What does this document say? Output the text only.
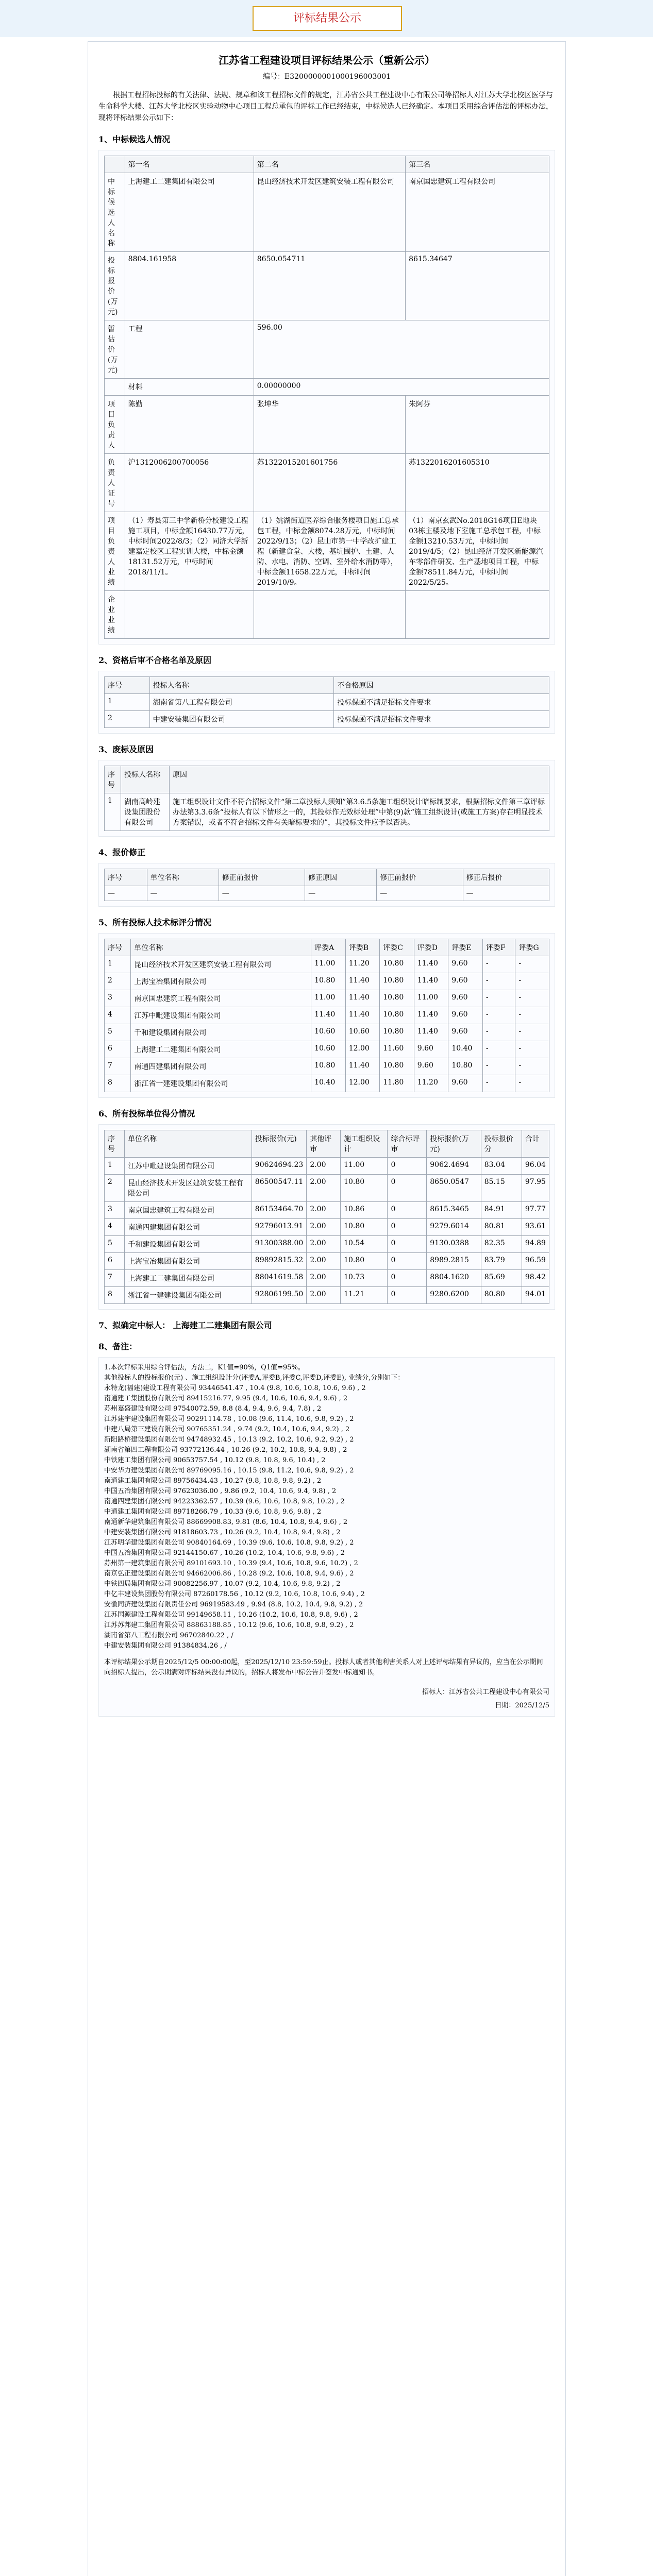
评标结果公示
江苏省工程建设项目评标结果公示（重新公示）
编号：E3200000001000196003001

根据工程招标投标的有关法律、法规、规章和该工程招标文件的规定，江苏省公共工程建设中心有限公司等招标人对江苏大学北校区医学与生命科学大楼、江苏大学北校区实验动物中心项目工程总承包的评标工作已经结束，中标候选人已经确定。本项目采用综合评估法的评标办法，现将评标结果公示如下：

1、中标候选人情况
	第一名	第二名	第三名
中标候选人名称	上海建工二建集团有限公司	昆山经济技术开发区建筑安装工程有限公司	南京国忠建筑工程有限公司
投标报价(万元)	8804.161958	8650.054711	8615.34647
暂估价(万元)	工程	596.00	
	材料	0.00000000	
项目负责人	陈勤	张坤华	朱阿芬
负责人证号	沪1312006200700056	苏1322015201601756	苏1322016201605310
项目负责人业绩	（1）寿县第三中学新桥分校建设工程施工项目，中标金额16430.77万元，中标时间2022/8/3；（2）同济大学新建嘉定校区工程实训大楼，中标金额18131.52万元，中标时间2018/11/1。	（1）姚湖街道医养综合服务楼项目施工总承包工程，中标金额8074.28万元，中标时间2022/9/13；（2）昆山市第一中学改扩建工程（新建食堂、大楼，基坑围护、土建、人防、水电、消防、空调、室外给水消防等），中标金额11658.22万元，中标时间2019/10/9。	（1）南京玄武No.2018G16项目E地块03栋主楼及地下室施工总承包工程，中标金额13210.53万元，中标时间2019/4/5；（2）昆山经济开发区新能源汽车零部件研发、生产基地项目工程，中标金额78511.84万元，中标时间2022/5/25。
企业业绩			
2、资格后审不合格名单及原因
序号	投标人名称	不合格原因
1	湖南省第八工程有限公司	投标保函不满足招标文件要求
2	中建安装集团有限公司	投标保函不满足招标文件要求
3、废标及原因
序号	投标人名称	原因
1	湖南高岭建设集团股份有限公司	施工组织设计文件不符合招标文件“第二章投标人须知”第3.6.5条施工组织设计暗标制要求，根据招标文件第三章评标办法第3.3.6条“投标人有以下情形之一的，其投标作无效标处理”中第(9)款“施工组织设计(或施工方案)存在明显技术方案错误，或者不符合招标文件有关暗标要求的”，其投标文件应予以否决。
4、报价修正
序号	单位名称	修正前报价	修正原因	修正前报价	修正后报价
—	—	—	—	—	—
5、所有投标人技术标评分情况
序号	单位名称	评委A	评委B	评委C	评委D	评委E	评委F	评委G
1	昆山经济技术开发区建筑安装工程有限公司	11.00	11.20	10.80	11.40	9.60	-	-
2	上海宝冶集团有限公司	10.80	11.40	10.80	11.40	9.60	-	-
3	南京国忠建筑工程有限公司	11.00	11.40	10.80	11.00	9.60	-	-
4	江苏中毗建设集团有限公司	11.40	11.40	10.80	11.40	9.60	-	-
5	千和建设集团有限公司	10.60	10.60	10.80	11.40	9.60	-	-
6	上海建工二建集团有限公司	10.60	12.00	11.60	9.60	10.40	-	-
7	南通四建集团有限公司	10.80	11.40	10.80	9.60	10.80	-	-
8	浙江省一建建设集团有限公司	10.40	12.00	11.80	11.20	9.60	-	-
6、所有投标单位得分情况
序号	单位名称	投标报价(元)	其他评审	施工组织设计	综合标评审	投标报价(万元)	投标报价分	合计
1	江苏中毗建设集团有限公司	90624694.23	2.00	11.00	0	9062.4694	83.04	96.04
2	昆山经济技术开发区建筑安装工程有限公司	86500547.11	2.00	10.80	0	8650.0547	85.15	97.95
3	南京国忠建筑工程有限公司	86153464.70	2.00	10.86	0	8615.3465	84.91	97.77
4	南通四建集团有限公司	92796013.91	2.00	10.80	0	9279.6014	80.81	93.61
5	千和建设集团有限公司	91300388.00	2.00	10.54	0	9130.0388	82.35	94.89
6	上海宝冶集团有限公司	89892815.32	2.00	10.80	0	8989.2815	83.79	96.59
7	上海建工二建集团有限公司	88041619.58	2.00	10.73	0	8804.1620	85.69	98.42
8	浙江省一建建设集团有限公司	92806199.50	2.00	11.21	0	9280.6200	80.80	94.01
7、拟确定中标人： 上海建工二建集团有限公司
8、备注：
1.本次评标采用综合评估法，方法二，K1值=90%，Q1值=95%。
其他投标人的投标报价(元) 、施工组织设计分(评委A,评委B,评委C,评委D,评委E), 业绩分,分别如下：
永特龙(福建)建设工程有限公司 93446541.47 , 10.4 (9.8, 10.6, 10.8, 10.6, 9.6) , 2
南通建工集团股份有限公司 89415216.77, 9.95 (9.4, 10.6, 10.6, 9.4, 9.6) , 2
苏州嘉盛建设有限公司 97540072.59, 8.8 (8.4, 9.4, 9.6, 9.4, 7.8) , 2
江苏建宇建设集团有限公司 90291114.78 , 10.08 (9.6, 11.4, 10.6, 9.8, 9.2) , 2
中建八局第三建设有限公司 90765351.24 , 9.74 (9.2, 10.4, 10.6, 9.4, 9.2) , 2
新阳路桥建设集团有限公司 94748932.45 , 10.13 (9.2, 10.2, 10.6, 9.2, 9.2) , 2
湖南省第四工程有限公司 93772136.44 , 10.26 (9.2, 10.2, 10.8, 9.4, 9.8) , 2
中铁建工集团有限公司 90653757.54 , 10.12 (9.8, 10.8, 9.6, 10.4) , 2
中安华力建设集团有限公司 89769095.16 , 10.15 (9.8, 11.2, 10.6, 9.8, 9.2) , 2
南通建工集团有限公司 89756434.43 , 10.27 (9.8, 10.8, 9.8, 9.2) , 2
中国五冶集团有限公司 97623036.00 , 9.86 (9.2, 10.4, 10.6, 9.4, 9.8) , 2
南通四建集团有限公司 94223362.57 , 10.39 (9.6, 10.6, 10.8, 9.8, 10.2) , 2
中通建工集团有限公司 89718266.79 , 10.33 (9.6, 10.8, 9.6, 9.8) , 2
南通新华建筑集团有限公司 88669908.83, 9.81 (8.6, 10.4, 10.8, 9.4, 9.6) , 2
中建安装集团有限公司 91818603.73 , 10.26 (9.2, 10.4, 10.8, 9.4, 9.8) , 2
江苏明华建设集团有限公司 90840164.69 , 10.39 (9.6, 10.6, 10.8, 9.8, 9.2) , 2
中国五冶集团有限公司 92144150.67 , 10.26 (10.2, 10.4, 10.6, 9.8, 9.6) , 2
苏州第一建筑集团有限公司 89101693.10 , 10.39 (9.4, 10.6, 10.8, 9.6, 10.2) , 2
南京弘正建设集团有限公司 94662006.86 , 10.28 (9.2, 10.6, 10.8, 9.4, 9.6) , 2
中铁四局集团有限公司 90082256.97 , 10.07 (9.2, 10.4, 10.6, 9.8, 9.2) , 2
中亿丰建设集团股份有限公司 87260178.56 , 10.12 (9.2, 10.6, 10.8, 10.6, 9.4) , 2
安徽同济建设集团有限责任公司 96919583.49 , 9.94 (8.8, 10.2, 10.4, 9.8, 9.2) , 2
江苏国源建设工程有限公司 99149658.11 , 10.26 (10.2, 10.6, 10.8, 9.8, 9.6) , 2
江苏苏邦建工集团有限公司 88863188.85 , 10.12 (9.6, 10.6, 10.8, 9.8, 9.2) , 2
湖南省第八工程有限公司 96702840.22 , /
中建安装集团有限公司 91384834.26 , /
本评标结果公示期自2025/12/5 00:00:00起，至2025/12/10 23:59:59止。投标人或者其他利害关系人对上述评标结果有异议的，应当在公示期间向招标人提出，公示期满对评标结果没有异议的，招标人将发布中标公告并签发中标通知书。
招标人：江苏省公共工程建设中心有限公司
日期：2025/12/5
